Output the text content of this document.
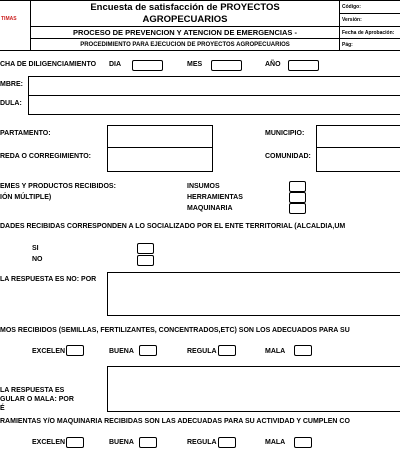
TIMAS
Encuesta de satisfacción de PROYECTOS
AGROPECUARIOS
PROCESO DE PREVENCION Y ATENCION DE EMERGENCIAS -
PROCEDIMIENTO PARA EJECUCION DE PROYECTOS AGROPECUARIOS
Código:
Versión:
Fecha de Aprobación:
Pág:
CHA DE DILIGENCIAMIENTO DIA	MES	AÑO
MBRE:
DULA:
PARTAMENTO:	MUNICIPIO:
REDA O CORREGIMIENTO:	COMUNIDAD:
EMES Y PRODUCTOS RECIBIDOS:
IÓN MÚLTIPLE)
INSUMOS
HERRAMIENTAS
MAQUINARIA
DADES RECIBIDAS CORRESPONDEN A LO SOCIALIZADO POR EL ENTE TERRITORIAL (ALCALDIA,UM
SI
NO
LA RESPUESTA ES NO: POR
MOS RECIBIDOS (SEMILLAS, FERTILIZANTES, CONCENTRADOS,ETC) SON LOS ADECUADOS PARA SU
EXCELEN	BUENA	REGULA	MALA
LA RESPUESTA ES
GULAR O MALA: POR
É
RAMIENTAS Y/O MAQUINARIA RECIBIDAS SON LAS ADECUADAS PARA SU ACTIVIDAD Y CUMPLEN CO
EXCELEN	BUENA	REGULA	MALA
